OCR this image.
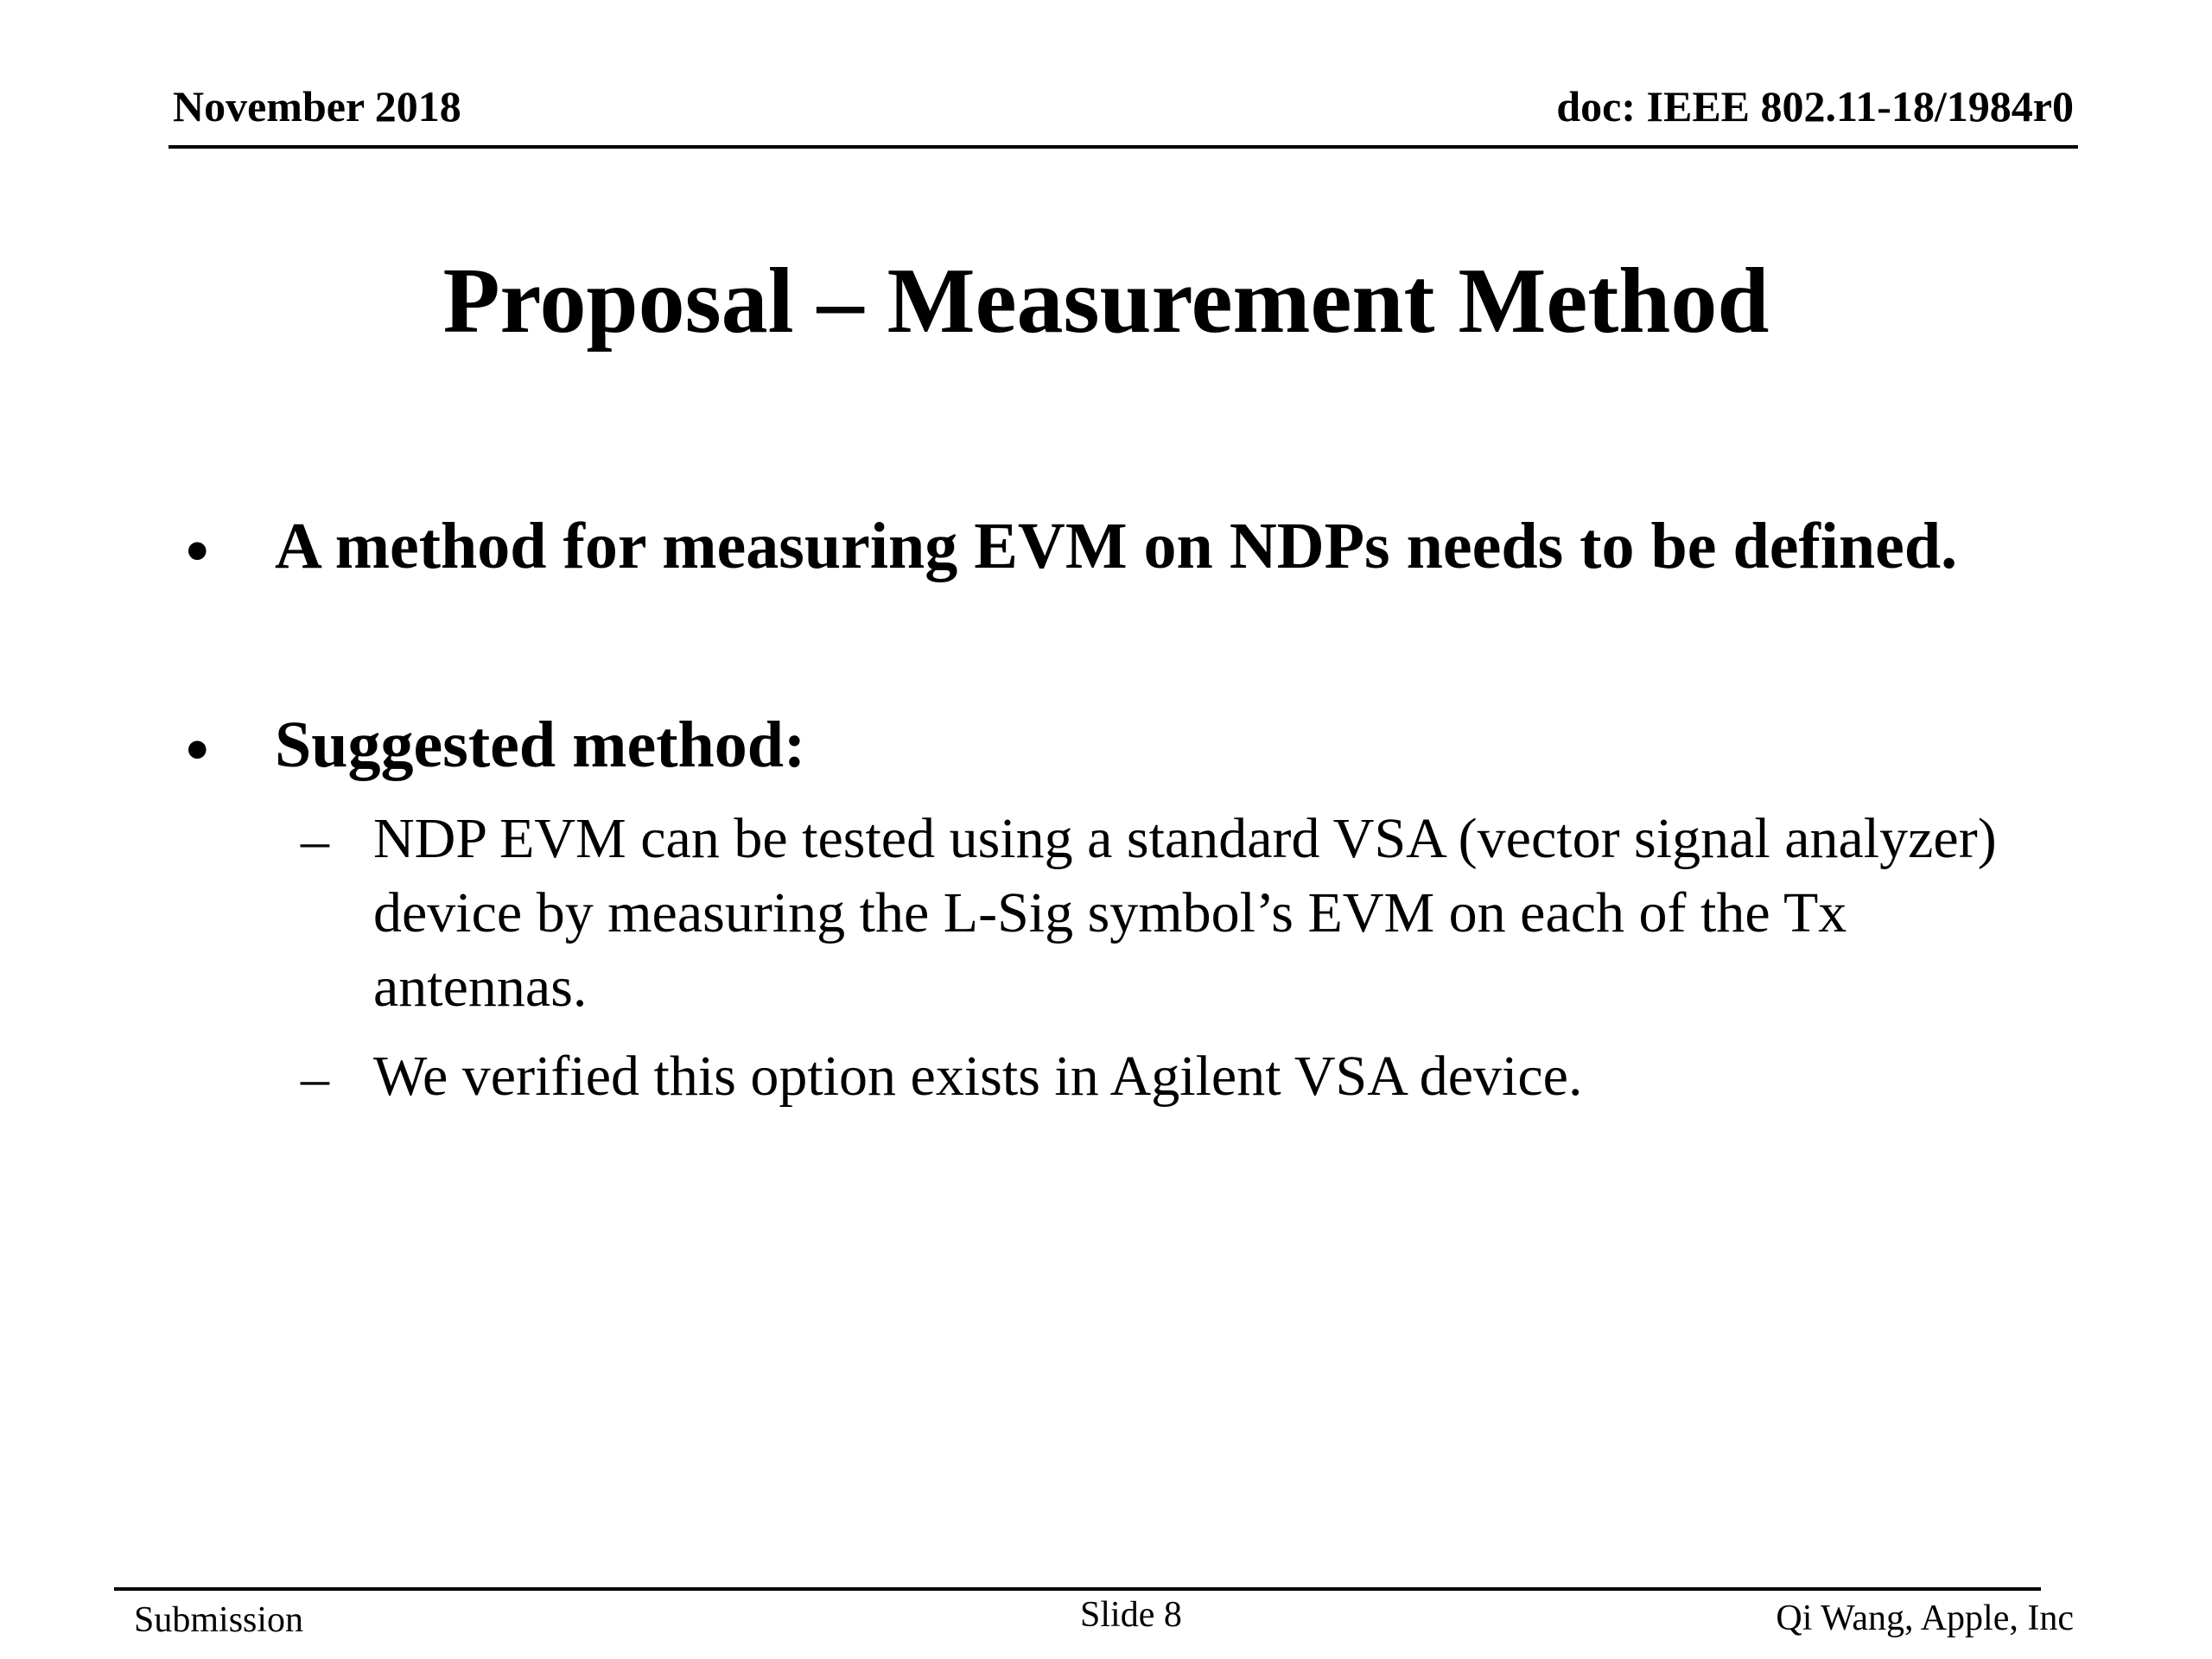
November 2018	doc: IEEE 802.11-18/1984r0
Proposal – Measurement Method
• A method for measuring EVM on NDPs needs to be defined.
• Suggested method:
– NDP EVM can be tested using a standard VSA (vector signal analyzer) device by measuring the L-Sig symbol’s EVM on each of the Tx antennas.
– We verified this option exists in Agilent VSA device.
Submission	Slide 8	Qi Wang, Apple, Inc
